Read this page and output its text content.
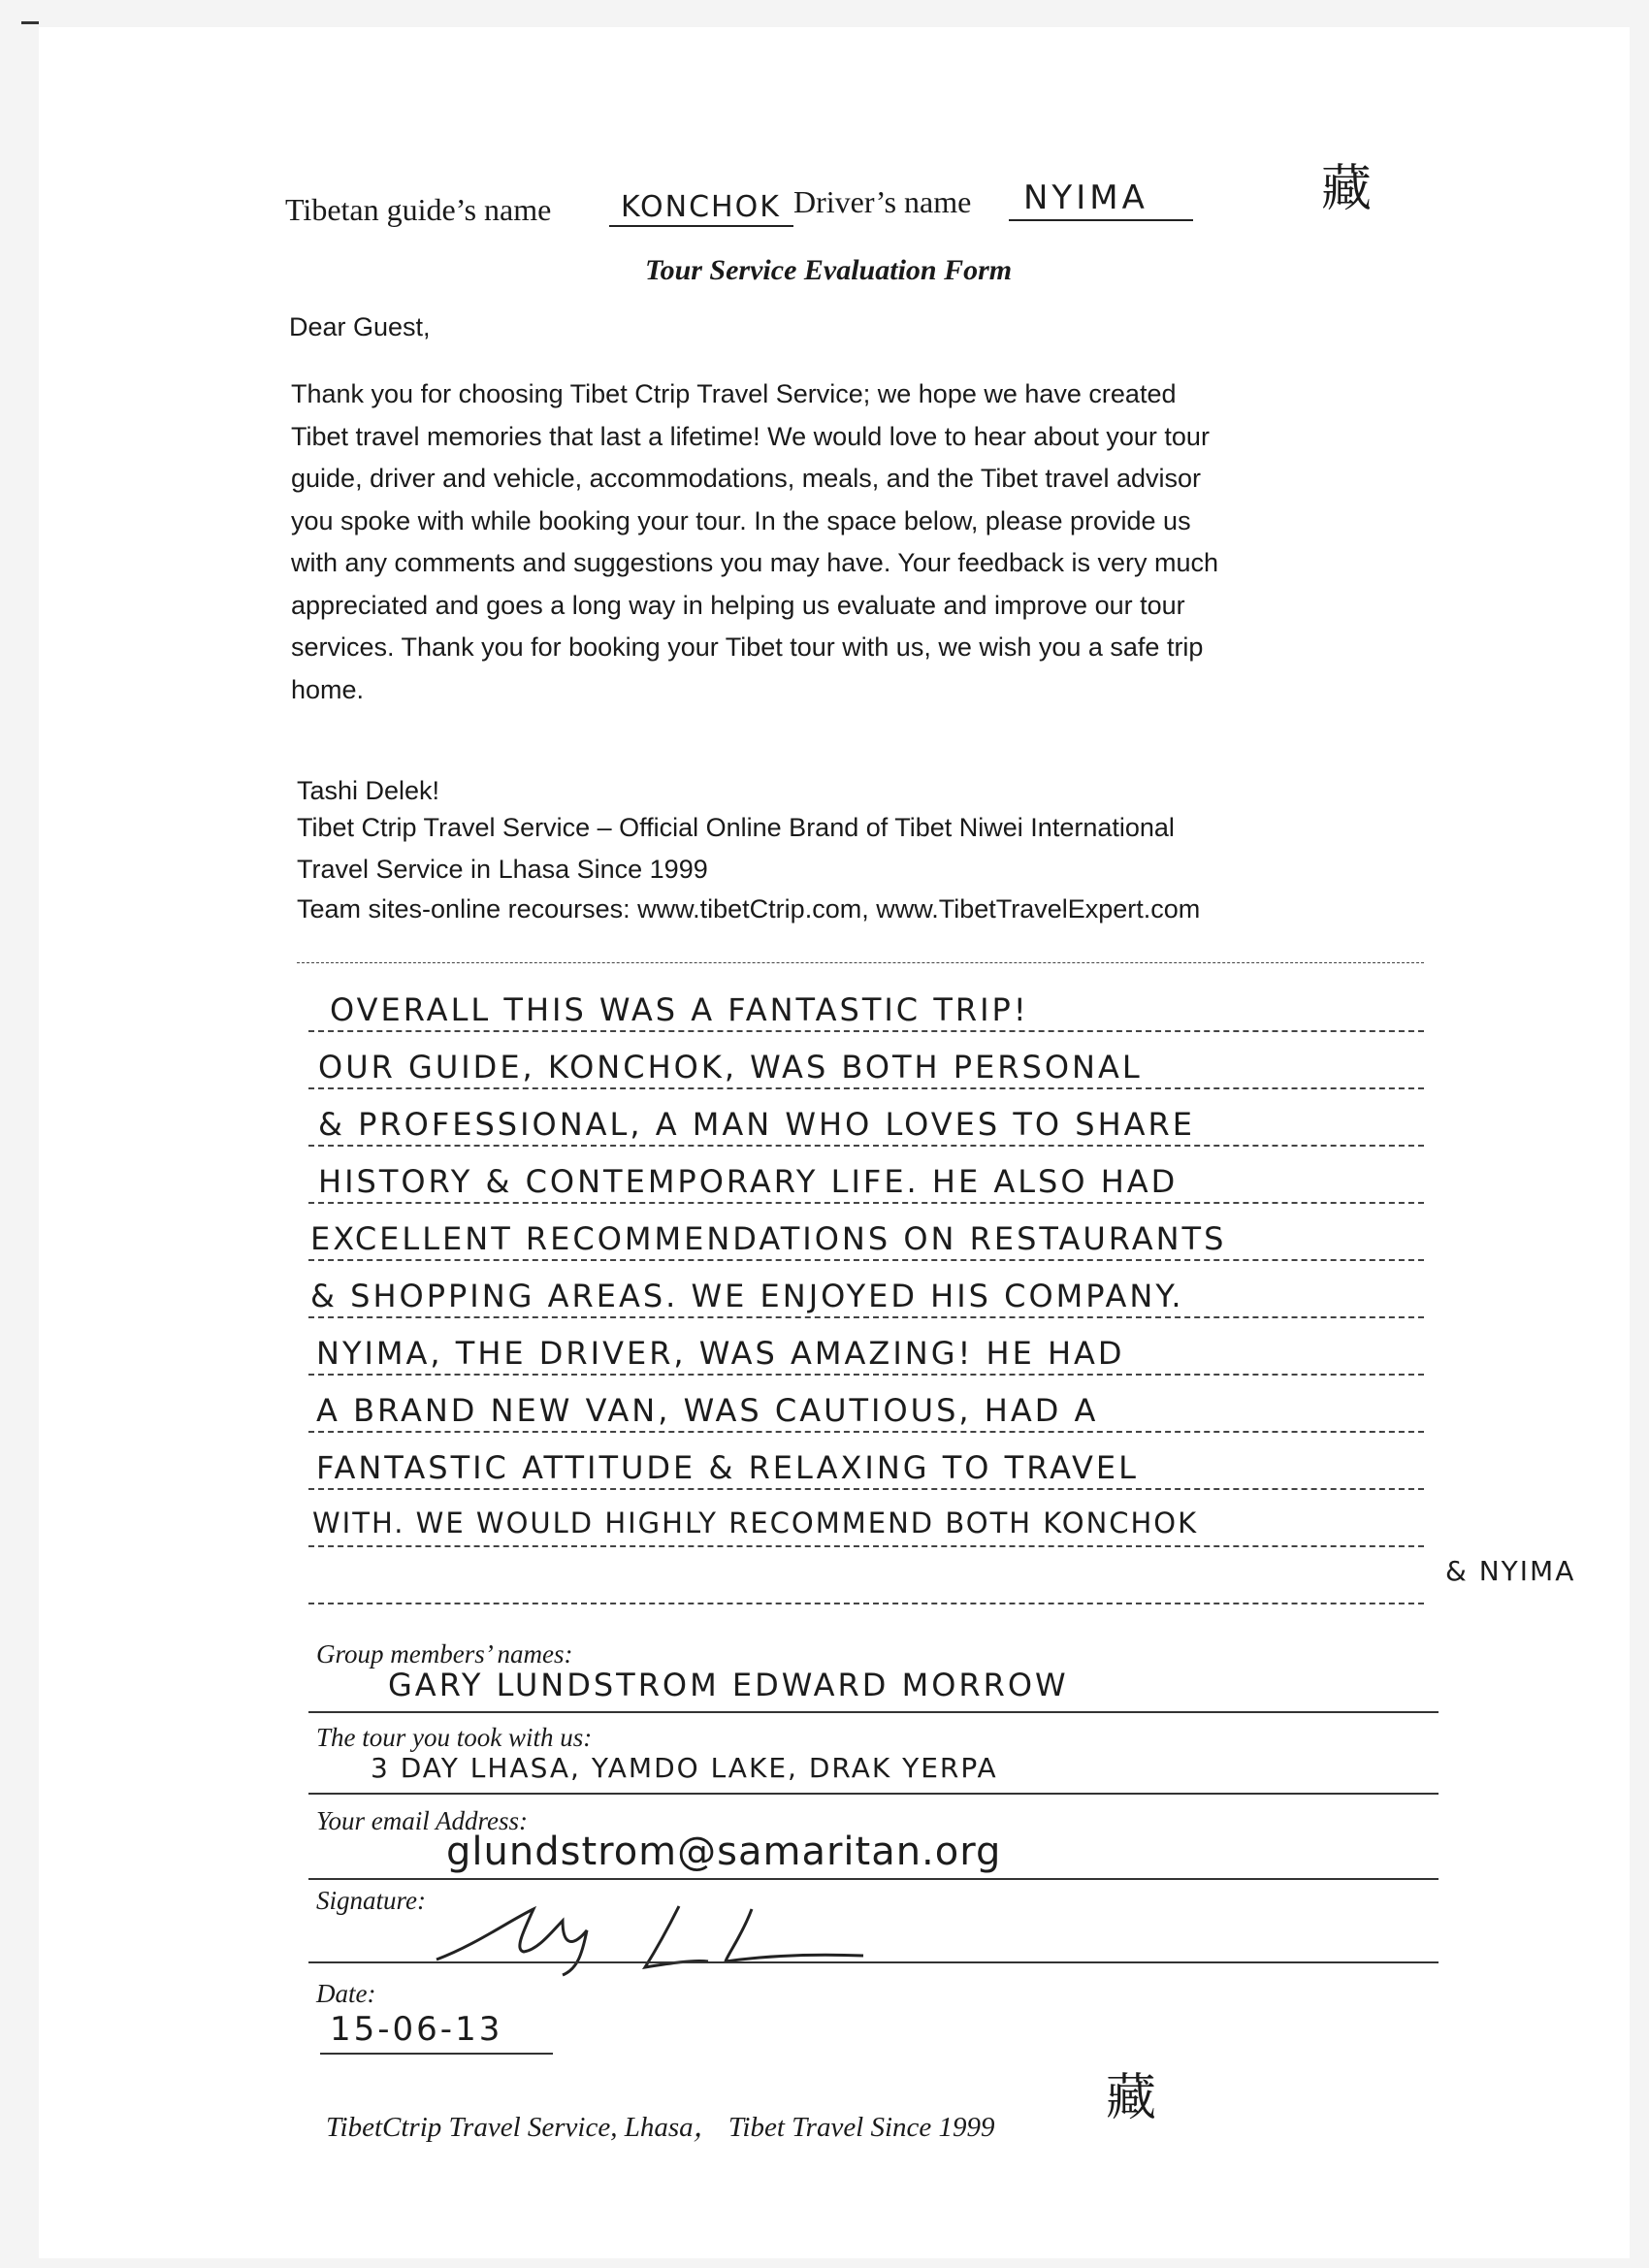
Tibetan guide’s name KONCHOK Driver’s name NYIMA	藏
Tour Service Evaluation Form
Dear Guest,
Thank you for choosing Tibet Ctrip Travel Service; we hope we have created
Tibet travel memories that last a lifetime! We would love to hear about your tour
guide, driver and vehicle, accommodations, meals, and the Tibet travel advisor
you spoke with while booking your tour. In the space below, please provide us
with any comments and suggestions you may have. Your feedback is very much
appreciated and goes a long way in helping us evaluate and improve our tour
services. Thank you for booking your Tibet tour with us, we wish you a safe trip
home.
Tashi Delek!
Tibet Ctrip Travel Service – Official Online Brand of Tibet Niwei International
Travel Service in Lhasa Since 1999
Team sites-online recourses: www.tibetCtrip.com, www.TibetTravelExpert.com
OVERALL THIS WAS A FANTASTIC TRIP!
OUR GUIDE, KONCHOK, WAS BOTH PERSONAL
& PROFESSIONAL, A MAN WHO LOVES TO SHARE
HISTORY & CONTEMPORARY LIFE. HE ALSO HAD
EXCELLENT RECOMMENDATIONS ON RESTAURANTS
& SHOPPING AREAS. WE ENJOYED HIS COMPANY.
NYIMA, THE DRIVER, WAS AMAZING! HE HAD
A BRAND NEW VAN, WAS CAUTIOUS, HAD A
FANTASTIC ATTITUDE & RELAXING TO TRAVEL
WITH. WE WOULD HIGHLY RECOMMEND BOTH KONCHOK
& NYIMA
Group members’ names:
GARY LUNDSTROM EDWARD MORROW
The tour you took with us:
3 DAY LHASA, YAMDO LAKE, DRAK YERPA
Your email Address:
glundstrom@samaritan.org
Signature:
Date:
15-06-13
TibetCtrip Travel Service, Lhasa， Tibet Travel Since 1999 藏
